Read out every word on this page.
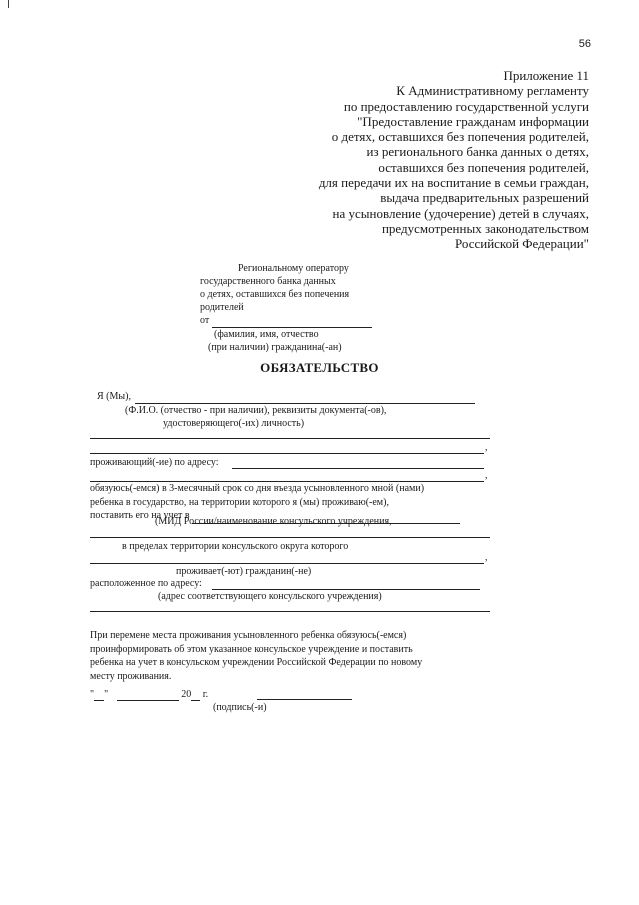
56
Приложение 11
К Административному регламенту
по предоставлению государственной услуги
"Предоставление гражданам информации
о детях, оставшихся без попечения родителей,
из регионального банка данных о детях,
оставшихся без попечения родителей,
для передачи их на воспитание в семьи граждан,
выдача предварительных разрешений
на усыновление (удочерение) детей в случаях,
предусмотренных законодательством
Российской Федерации"
Региональному оператору
государственного банка данных
о детях, оставшихся без попечения
родителей
от
(фамилия, имя, отчество
(при наличии) гражданина(-ан)
ОБЯЗАТЕЛЬСТВО
Я (Мы),
(Ф.И.О. (отчество - при наличии), реквизиты документа(-ов),
удостоверяющего(-их) личность)
,
проживающий(-ие) по адресу:
,
обязуюсь(-емся) в 3-месячный срок со дня въезда усыновленного мной (нами)
ребенка в государство, на территории которого я (мы) проживаю(-ем),
поставить его на учет в
(МИД России/наименование консульского учреждения,
в пределах территории консульского округа которого
,
проживает(-ют) гражданин(-не)
расположенное по адресу:
(адрес соответствующего консульского учреждения)
При перемене места проживания усыновленного ребенка обязуюсь(-емся)
проинформировать об этом указанное консульское учреждение и поставить
ребенка на учет в консульском учреждении Российской Федерации по новому
месту проживания.
" "	20 г.
(подпись(-и)
